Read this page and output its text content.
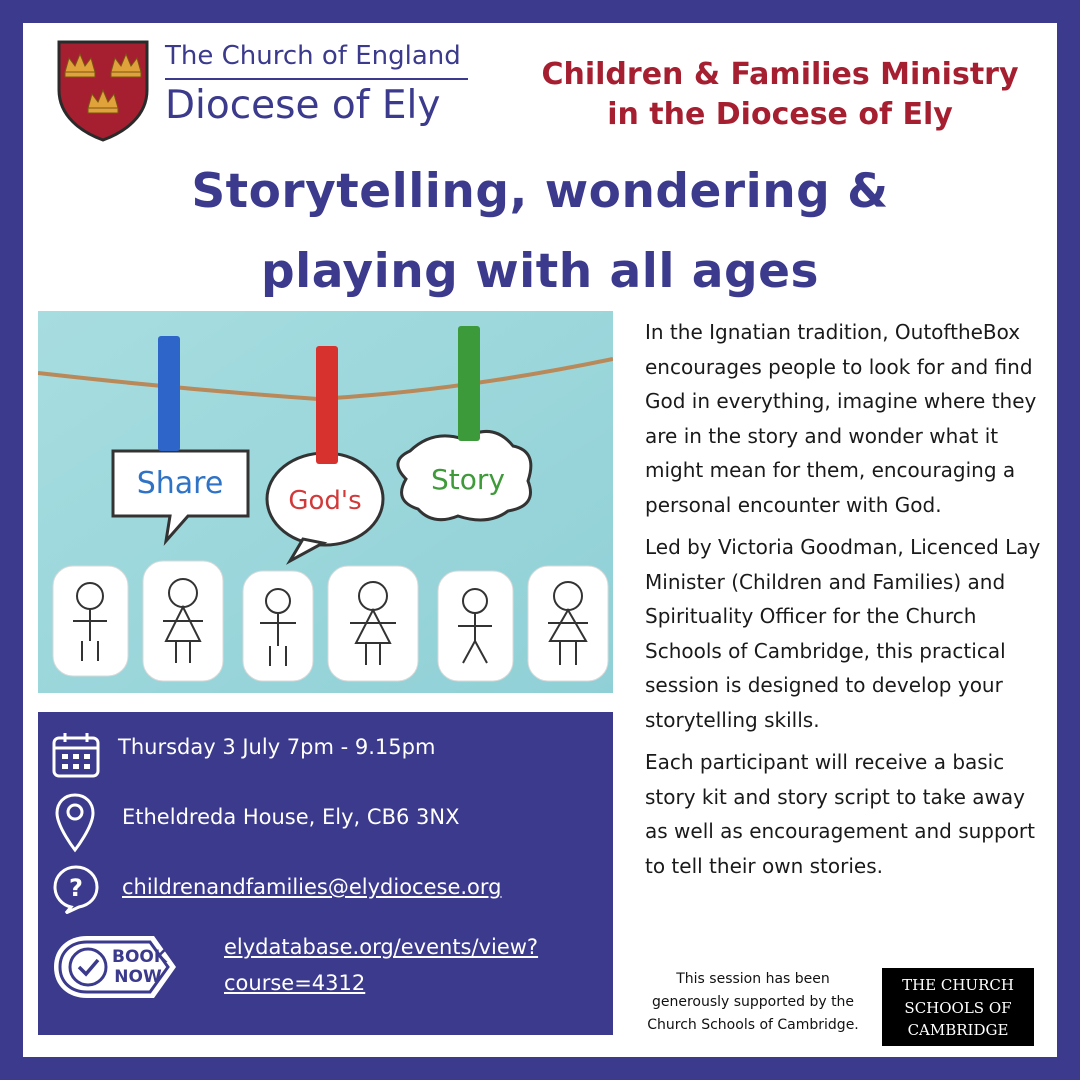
The Church of England
Diocese of Ely
Children & Families Ministry
in the Diocese of Ely
Storytelling, wondering &
playing with all ages
Share	God's
Story
Thursday 3 July 7pm - 9.15pm
Etheldreda House, Ely, CB6 3NX
? childrenandfamilies@elydiocese.org
BOOK
NOW
elydatabase.org/events/view?
course=4312

In the Ignatian tradition, OutoftheBox encourages people to look for and find God in everything, imagine where they are in the story and wonder what it might mean for them, encouraging a personal encounter with God.

Led by Victoria Goodman, Licenced Lay Minister (Children and Families) and Spirituality Officer for the Church Schools of Cambridge, this practical session is designed to develop your storytelling skills.

Each participant will receive a basic story kit and story script to take away as well as encouragement and support to tell their own stories.

This session has been
generously supported by the
Church Schools of Cambridge.
THE CHURCH
SCHOOLS OF
CAMBRIDGE
